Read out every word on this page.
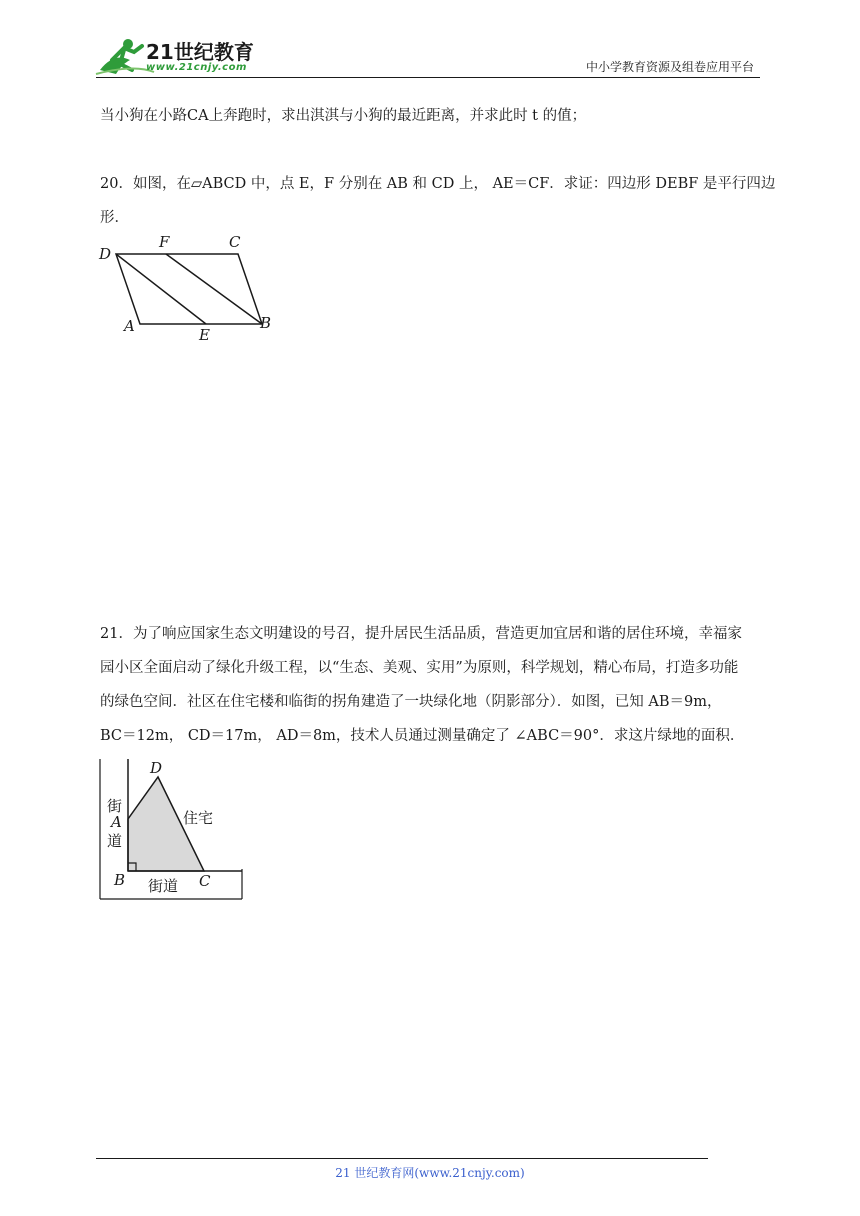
21世纪教育
www.21cnjy.com	中小学教育资源及组卷应用平台
当小狗在小路CA上奔跑时，求出淇淇与小狗的最近距离，并求此时 t 的值；
20．如图，在▱ABCD 中，点 E，F 分别在 AB 和 CD 上， AE＝CF．求证：四边形 DEBF 是平行四边
形．
D
F	C
A	E
B
21．为了响应国家生态文明建设的号召，提升居民生活品质，营造更加宜居和谐的居住环境，幸福家
园小区全面启动了绿化升级工程，以“生态、美观、实用”为原则，科学规划，精心布局，打造多功能
的绿色空间．社区在住宅楼和临街的拐角建造了一块绿化地（阴影部分）．如图，已知 AB＝9m，
BC＝12m， CD＝17m， AD＝8m，技术人员通过测量确定了 ∠ABC＝90°．求这片绿地的面积．
D
A
B	C
街
道
街道
住宅
21 世纪教育网(www.21cnjy.com)
